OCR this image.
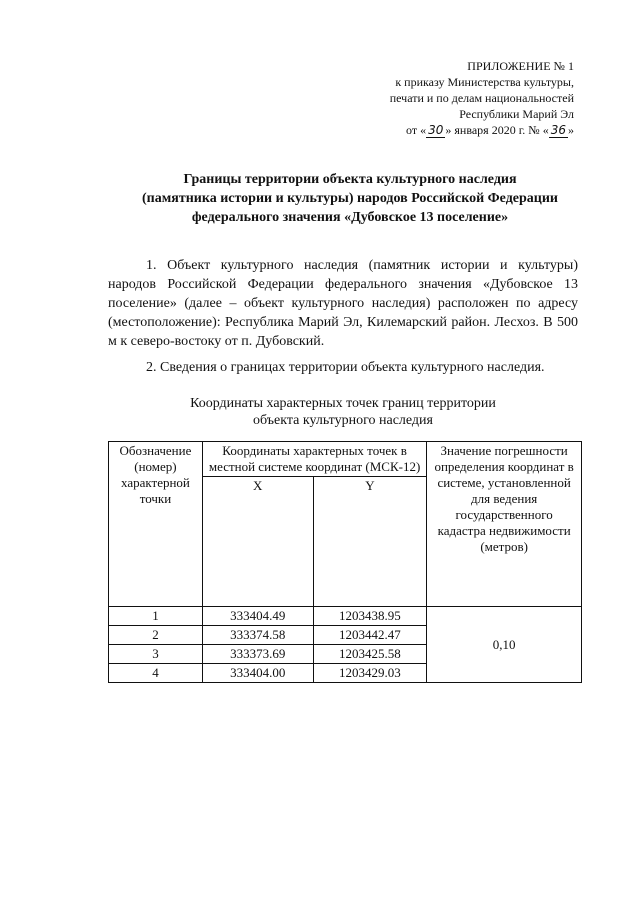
ПРИЛОЖЕНИЕ № 1
к приказу Министерства культуры,
печати и по делам национальностей
Республики Марий Эл
от « 30 » января 2020 г. № « 36 »
Границы территории объекта культурного наследия
(памятника истории и культуры) народов Российской Федерации
федерального значения «Дубовское 13 поселение»
1. Объект культурного наследия (памятник истории и культуры) народов Российской Федерации федерального значения «Дубовское 13 поселение» (далее – объект культурного наследия) расположен по адресу (местоположение): Республика Марий Эл, Килемарский район. Лесхоз. В 500 м к северо-востоку от п. Дубовский.
2. Сведения о границах территории объекта культурного наследия.
Координаты характерных точек границ территории
объекта культурного наследия
Обозначение (номер) характерной точки	Координаты характерных точек в местной системе координат (МСК-12)		Значение погрешности определения координат в системе, установленной для ведения государственного кадастра недвижимости (метров)
	X	Y	
1	333404.49	1203438.95	0,10
2	333374.58	1203442.47	
3	333373.69	1203425.58	
4	333404.00	1203429.03	
